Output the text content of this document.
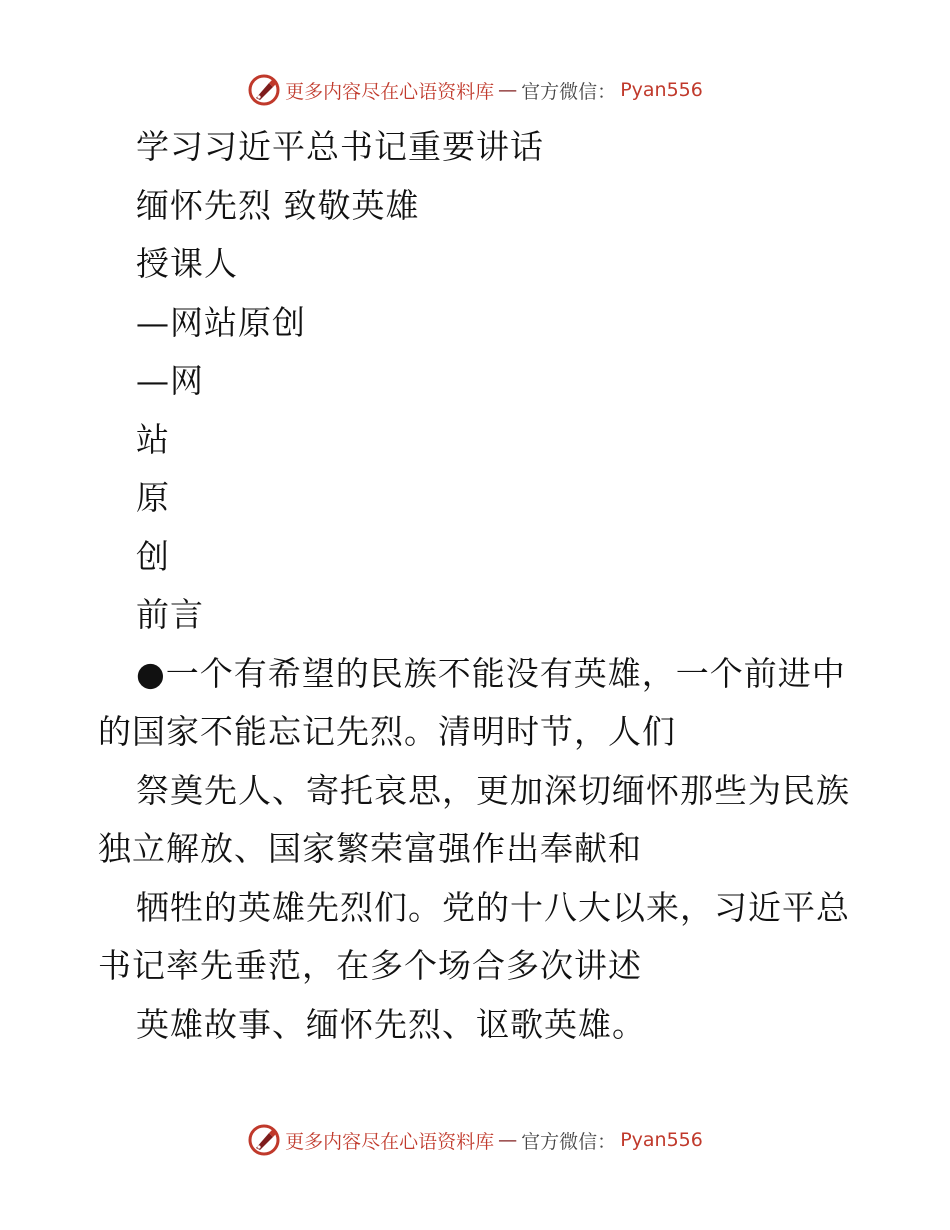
更多内容尽在心语资料库 — 官方微信： Pyan556
学习习近平总书记重要讲话
缅怀先烈 致敬英雄
授课人
—网站原创
—网
站
原
创
前言
●一个有希望的民族不能没有英雄，一个前进中
的国家不能忘记先烈。清明时节，人们
祭奠先人、寄托哀思，更加深切缅怀那些为民族
独立解放、国家繁荣富强作出奉献和
牺牲的英雄先烈们。党的十八大以来，习近平总
书记率先垂范，在多个场合多次讲述
英雄故事、缅怀先烈、讴歌英雄。
更多内容尽在心语资料库 — 官方微信： Pyan556
